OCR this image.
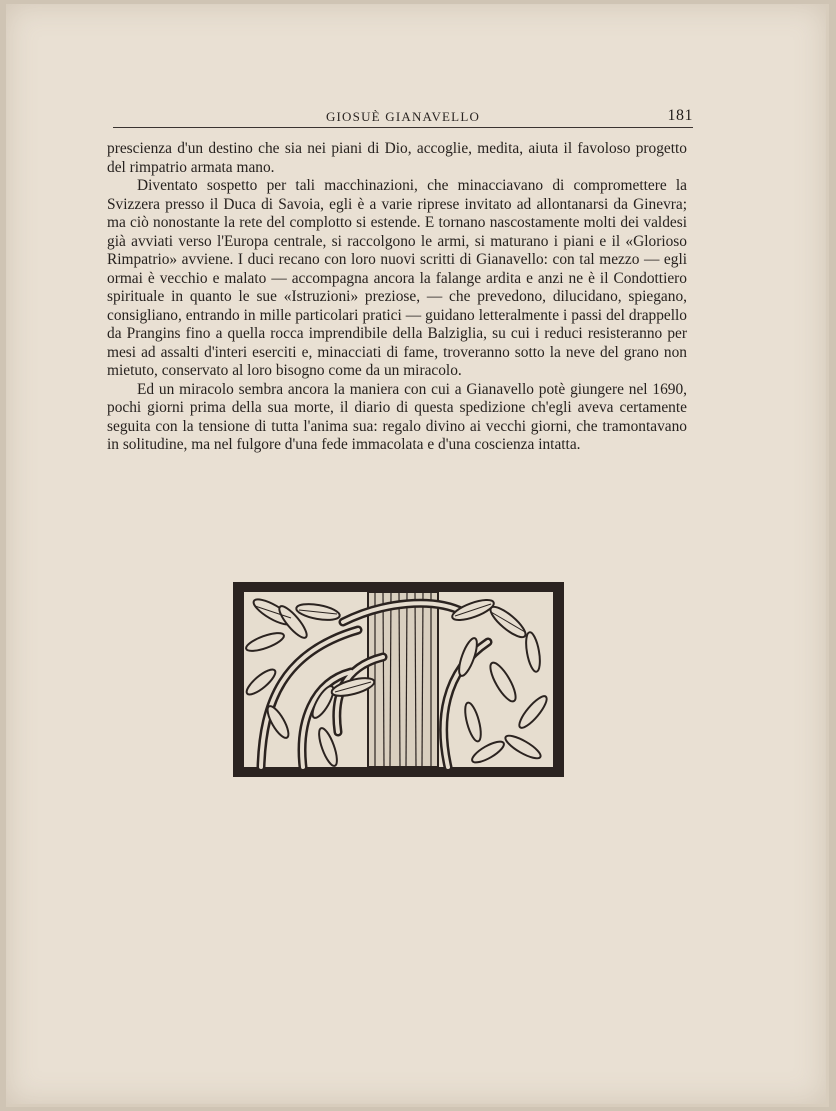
GIOSUÈ GIANAVELLO	181

prescienza d'un destino che sia nei piani di Dio, accoglie, medita, aiuta il favoloso progetto del rimpatrio armata mano.

Diventato sospetto per tali macchinazioni, che minacciavano di compromettere la Svizzera presso il Duca di Savoia, egli è a varie riprese invitato ad allontanarsi da Ginevra; ma ciò nonostante la rete del complotto si estende. E tornano nascostamente molti dei valdesi già avviati verso l'Europa centrale, si raccolgono le armi, si maturano i piani e il «Glorioso Rimpatrio» avviene. I duci recano con loro nuovi scritti di Gianavello: con tal mezzo — egli ormai è vecchio e malato — accompagna ancora la falange ardita e anzi ne è il Condottiero spirituale in quanto le sue «Istruzioni» preziose, — che prevedono, dilucidano, spiegano, consigliano, entrando in mille particolari pratici — guidano letteralmente i passi del drappello da Prangins fino a quella rocca imprendibile della Balziglia, su cui i reduci resisteranno per mesi ad assalti d'interi eserciti e, minacciati di fame, troveranno sotto la neve del grano non mietuto, conservato al loro bisogno come da un miracolo.

Ed un miracolo sembra ancora la maniera con cui a Gianavello potè giungere nel 1690, pochi giorni prima della sua morte, il diario di questa spedizione ch'egli aveva certamente seguita con la tensione di tutta l'anima sua: regalo divino ai vecchi giorni, che tramontavano in solitudine, ma nel fulgore d'una fede immacolata e d'una coscienza intatta.
